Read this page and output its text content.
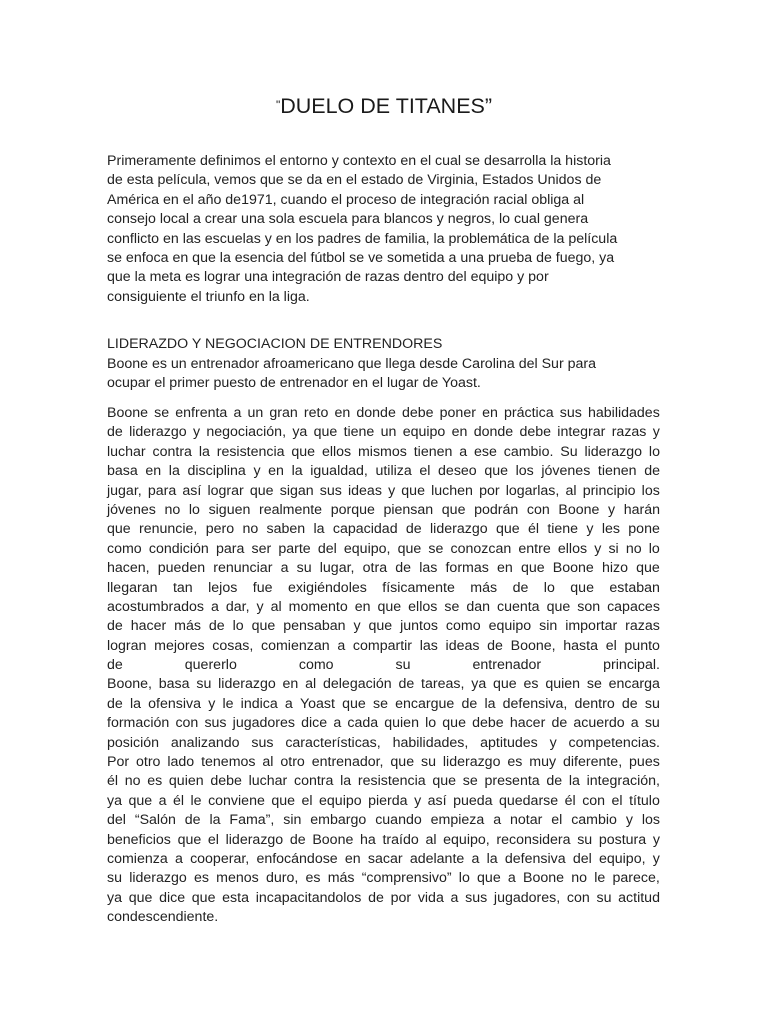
"DUELO DE TITANES”
Primeramente definimos el entorno y contexto en el cual se desarrolla la historia
de esta película, vemos que se da en el estado de Virginia, Estados Unidos de
América en el año de1971, cuando el proceso de integración racial obliga al
consejo local a crear una sola escuela para blancos y negros, lo cual genera
conflicto en las escuelas y en los padres de familia, la problemática de la película
se enfoca en que la esencia del fútbol se ve sometida a una prueba de fuego, ya
que la meta es lograr una integración de razas dentro del equipo y por
consiguiente el triunfo en la liga.
LIDERAZDO Y NEGOCIACION DE ENTRENDORES
Boone es un entrenador afroamericano que llega desde Carolina del Sur para
ocupar el primer puesto de entrenador en el lugar de Yoast.
Boone se enfrenta a un gran reto en donde debe poner en práctica sus habilidades
de liderazgo y negociación, ya que tiene un equipo en donde debe integrar razas y
luchar contra la resistencia que ellos mismos tienen a ese cambio. Su liderazgo lo
basa en la disciplina y en la igualdad, utiliza el deseo que los jóvenes tienen de
jugar, para así lograr que sigan sus ideas y que luchen por logarlas, al principio los
jóvenes no lo siguen realmente porque piensan que podrán con Boone y harán
que renuncie, pero no saben la capacidad de liderazgo que él tiene y les pone
como condición para ser parte del equipo, que se conozcan entre ellos y si no lo
hacen, pueden renunciar a su lugar, otra de las formas en que Boone hizo que
llegaran tan lejos fue exigiéndoles físicamente más de lo que estaban
acostumbrados a dar, y al momento en que ellos se dan cuenta que son capaces
de hacer más de lo que pensaban y que juntos como equipo sin importar razas
logran mejores cosas, comienzan a compartir las ideas de Boone, hasta el punto
de	quererlo	como	su	entrenador	principal.
Boone, basa su liderazgo en al delegación de tareas, ya que es quien se encarga
de la ofensiva y le indica a Yoast que se encargue de la defensiva, dentro de su
formación con sus jugadores dice a cada quien lo que debe hacer de acuerdo a su
posición analizando sus características, habilidades, aptitudes y competencias.
Por otro lado tenemos al otro entrenador, que su liderazgo es muy diferente, pues
él no es quien debe luchar contra la resistencia que se presenta de la integración,
ya que a él le conviene que el equipo pierda y así pueda quedarse él con el título
del “Salón de la Fama”, sin embargo cuando empieza a notar el cambio y los
beneficios que el liderazgo de Boone ha traído al equipo, reconsidera su postura y
comienza a cooperar, enfocándose en sacar adelante a la defensiva del equipo, y
su liderazgo es menos duro, es más “comprensivo” lo que a Boone no le parece,
ya que dice que esta incapacitandolos de por vida a sus jugadores, con su actitud
condescendiente.
